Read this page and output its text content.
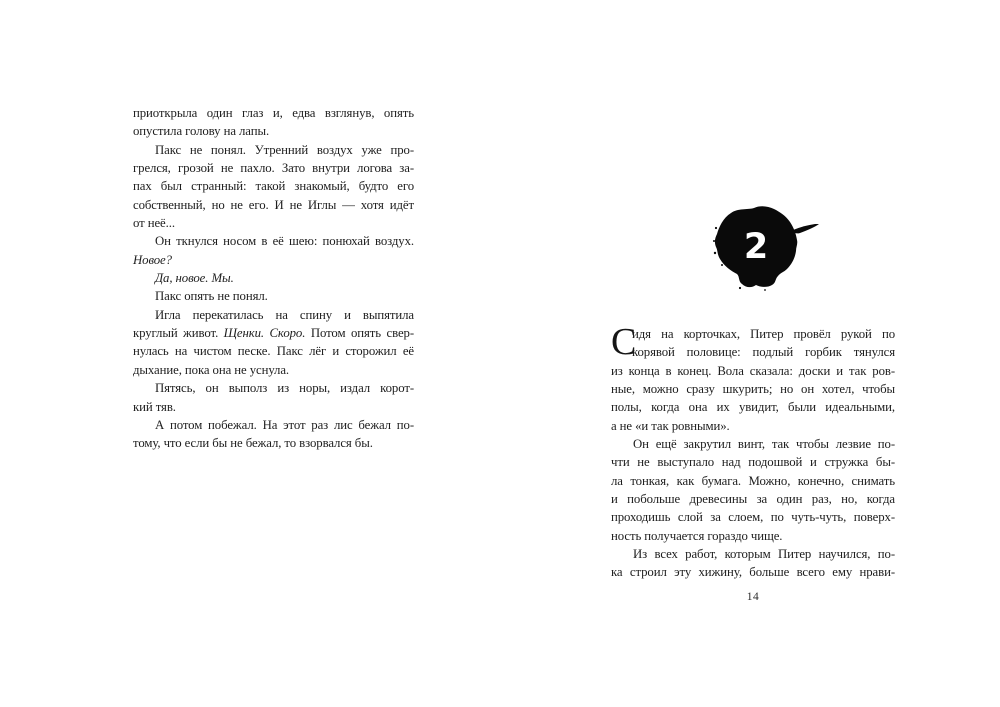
приоткрыла один глаз и, едва взглянув, опять
опустила голову на лапы.
Пакс не понял. Утренний воздух уже про-
грелся, грозой не пахло. Зато внутри логова за-
пах был странный: такой знакомый, будто его
собственный, но не его. И не Иглы — хотя идёт
от неё...
Он ткнулся носом в её шею: понюхай воздух.
Новое?
Да, новое. Мы.
Пакс опять не понял.
Игла перекатилась на спину и выпятила
круглый живот. Щенки. Скоро. Потом опять свер-
нулась на чистом песке. Пакс лёг и сторожил её
дыхание, пока она не уснула.
Пятясь, он выполз из норы, издал корот-
кий тяв.
А потом побежал. На этот раз лис бежал по-
тому, что если бы не бежал, то взорвался бы.
2
С
идя на корточках, Питер провёл рукой по
корявой половице: подлый горбик тянулся
из конца в конец. Вола сказала: доски и так ров-
ные, можно сразу шкурить; но он хотел, чтобы
полы, когда она их увидит, были идеальными,
а не «и так ровными».
Он ещё закрутил винт, так чтобы лезвие по-
чти не выступало над подошвой и стружка бы-
ла тонкая, как бумага. Можно, конечно, снимать
и побольше древесины за один раз, но, когда
проходишь слой за слоем, по чуть-чуть, поверх-
ность получается гораздо чище.
Из всех работ, которым Питер научился, по-
ка строил эту хижину, больше всего ему нрави-
14
